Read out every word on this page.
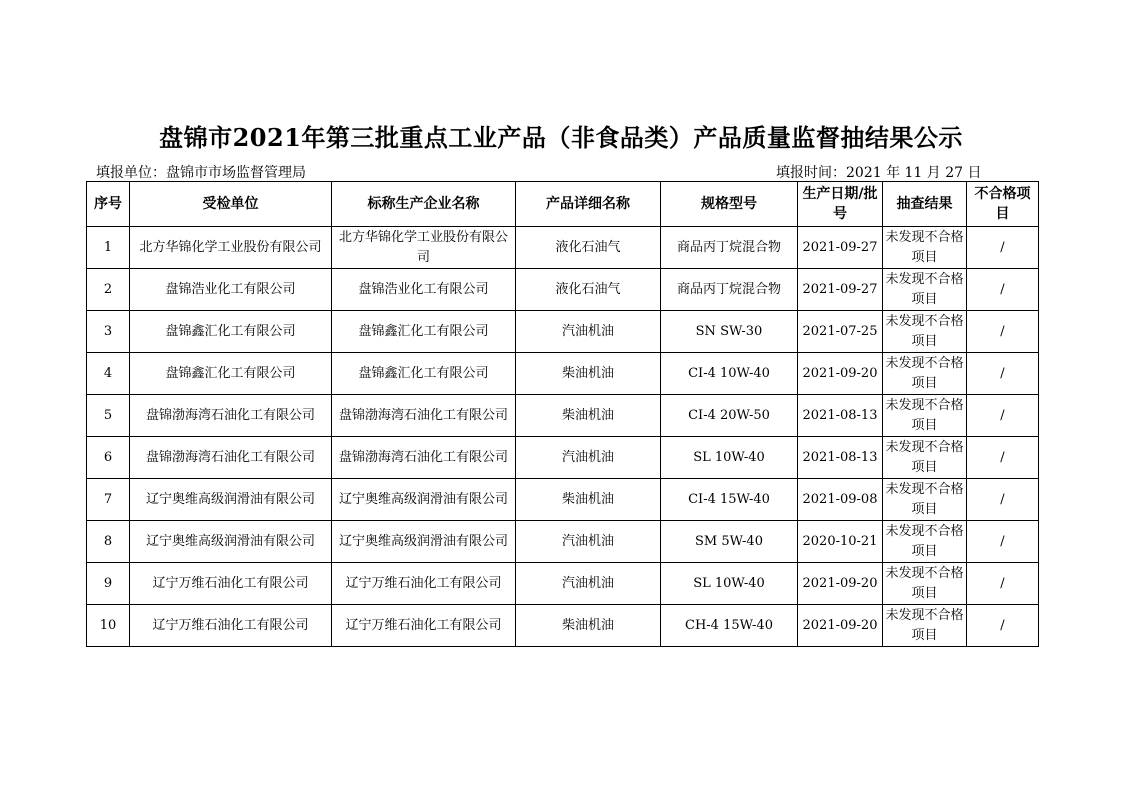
盘锦市2021年第三批重点工业产品（非食品类）产品质量监督抽结果公示
填报单位：盘锦市市场监督管理局	填报时间：2021 年 11 月 27 日
序号	受检单位	标称生产企业名称	产品详细名称	规格型号	生产日期/批号	抽查结果	不合格项目
1	北方华锦化学工业股份有限公司	北方华锦化学工业股份有限公司	液化石油气	商品丙丁烷混合物	2021-09-27	未发现不合格项目	/
2	盘锦浩业化工有限公司	盘锦浩业化工有限公司	液化石油气	商品丙丁烷混合物	2021-09-27	未发现不合格项目	/
3	盘锦鑫汇化工有限公司	盘锦鑫汇化工有限公司	汽油机油	SN SW-30	2021-07-25	未发现不合格项目	/
4	盘锦鑫汇化工有限公司	盘锦鑫汇化工有限公司	柴油机油	CI-4 10W-40	2021-09-20	未发现不合格项目	/
5	盘锦渤海湾石油化工有限公司	盘锦渤海湾石油化工有限公司	柴油机油	CI-4 20W-50	2021-08-13	未发现不合格项目	/
6	盘锦渤海湾石油化工有限公司	盘锦渤海湾石油化工有限公司	汽油机油	SL 10W-40	2021-08-13	未发现不合格项目	/
7	辽宁奥维高级润滑油有限公司	辽宁奥维高级润滑油有限公司	柴油机油	CI-4 15W-40	2021-09-08	未发现不合格项目	/
8	辽宁奥维高级润滑油有限公司	辽宁奥维高级润滑油有限公司	汽油机油	SM 5W-40	2020-10-21	未发现不合格项目	/
9	辽宁万维石油化工有限公司	辽宁万维石油化工有限公司	汽油机油	SL 10W-40	2021-09-20	未发现不合格项目	/
10	辽宁万维石油化工有限公司	辽宁万维石油化工有限公司	柴油机油	CH-4 15W-40	2021-09-20	未发现不合格项目	/
